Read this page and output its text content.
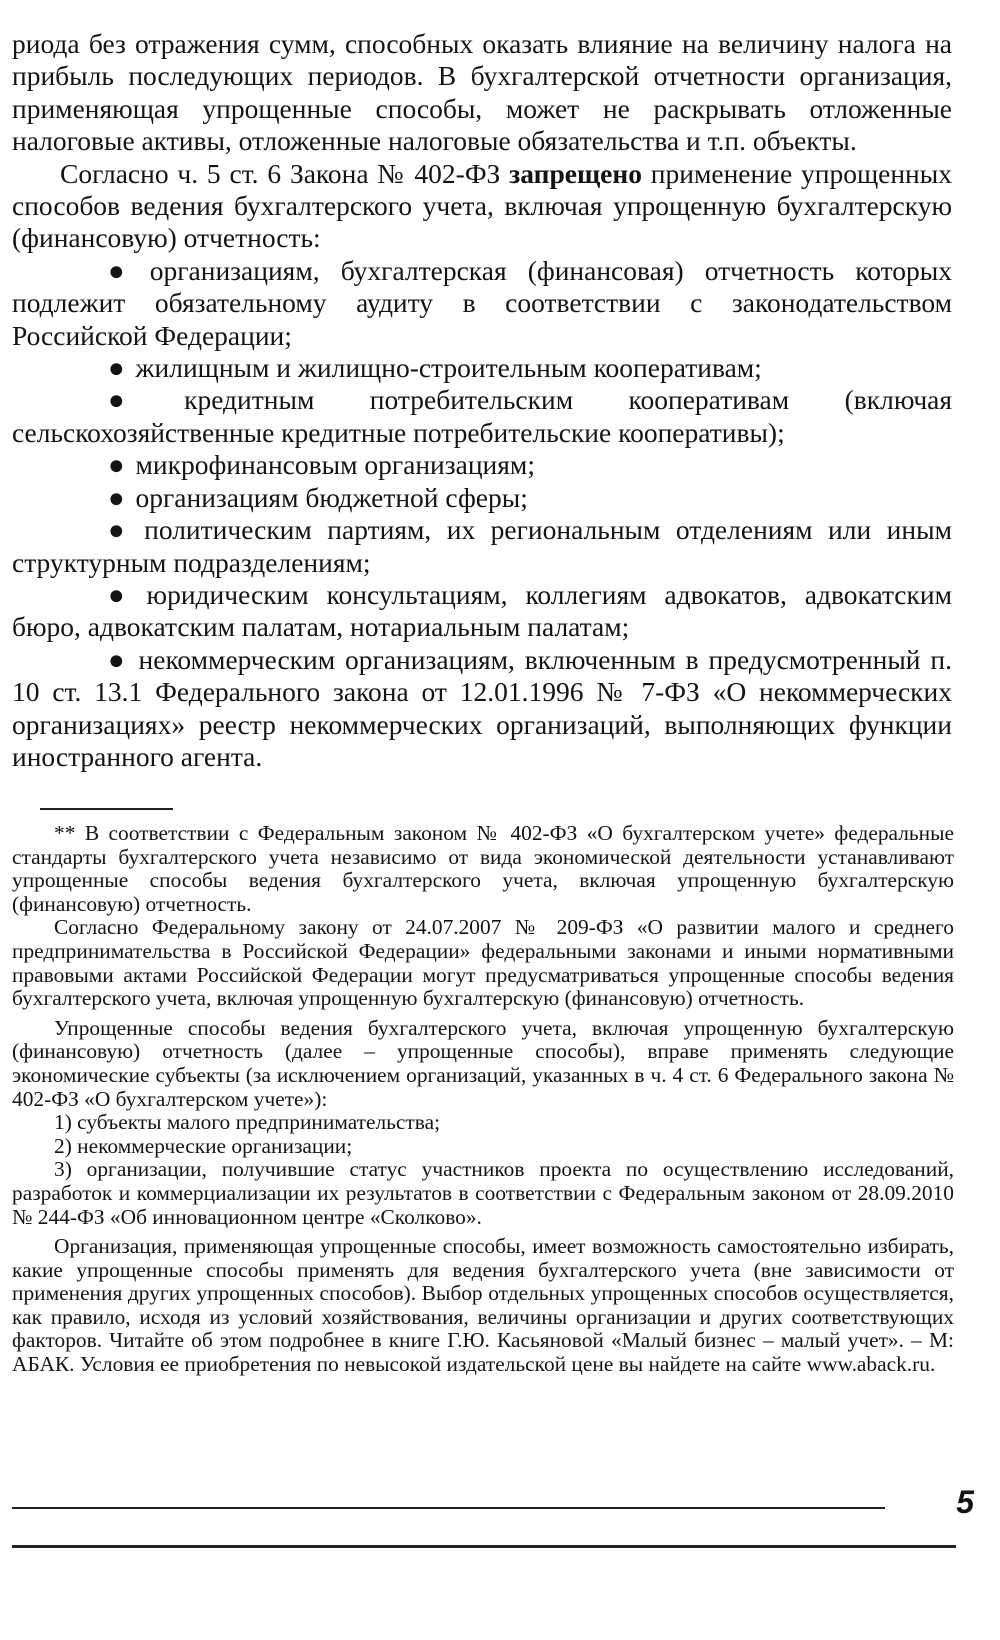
риода без отражения сумм, способных оказать влияние на величину налога на прибыль последующих периодов. В бухгалтерской отчетности организация, применяющая упрощенные способы, может не раскрывать отложенные налоговые активы, отложенные налоговые обязательства и т.п. объекты.

Согласно ч. 5 ст. 6 Закона № 402-ФЗ запрещено применение упрощенных способов ведения бухгалтерского учета, включая упрощенную бухгалтерскую (финансовую) отчетность:

● организациям, бухгалтерская (финансовая) отчетность которых подлежит обязательному аудиту в соответствии с законодательством Российской Федерации;

● жилищным и жилищно-строительным кооперативам;

● кредитным потребительским кооперативам (включая сельскохозяйственные кредитные потребительские кооперативы);

● микрофинансовым организациям;

● организациям бюджетной сферы;

● политическим партиям, их региональным отделениям или иным структурным подразделениям;

● юридическим консультациям, коллегиям адвокатов, адвокатским бюро, адвокатским палатам, нотариальным палатам;

● некоммерческим организациям, включенным в предусмотренный п. 10 ст. 13.1 Федерального закона от 12.01.1996 № 7-ФЗ «О некоммерческих организациях» реестр некоммерческих организаций, выполняющих функции иностранного агента.

** В соответствии с Федеральным законом № 402-ФЗ «О бухгалтерском учете» федеральные стандарты бухгалтерского учета независимо от вида экономической деятельности устанавливают упрощенные способы ведения бухгалтерского учета, включая упрощенную бухгалтерскую (финансовую) отчетность.

Согласно Федеральному закону от 24.07.2007 № 209-ФЗ «О развитии малого и среднего предпринимательства в Российской Федерации» федеральными законами и иными нормативными правовыми актами Российской Федерации могут предусматриваться упрощенные способы ведения бухгалтерского учета, включая упрощенную бухгалтерскую (финансовую) отчетность.

Упрощенные способы ведения бухгалтерского учета, включая упрощенную бухгалтерскую (финансовую) отчетность (далее – упрощенные способы), вправе применять следующие экономические субъекты (за исключением организаций, указанных в ч. 4 ст. 6 Федерального закона № 402-ФЗ «О бухгалтерском учете»):

1) субъекты малого предпринимательства;

2) некоммерческие организации;

3) организации, получившие статус участников проекта по осуществлению исследований, разработок и коммерциализации их результатов в соответствии с Федеральным законом от 28.09.2010 № 244-ФЗ «Об инновационном центре «Сколково».

Организация, применяющая упрощенные способы, имеет возможность самостоятельно избирать, какие упрощенные способы применять для ведения бухгалтерского учета (вне зависимости от применения других упрощенных способов). Выбор отдельных упрощенных способов осуществляется, как правило, исходя из условий хозяйствования, величины организации и других соответствующих факторов. Читайте об этом подробнее в книге Г.Ю. Касьяновой «Малый бизнес – малый учет». – М: АБАК. Условия ее приобретения по невысокой издательской цене вы найдете на сайте www.aback.ru.

5
